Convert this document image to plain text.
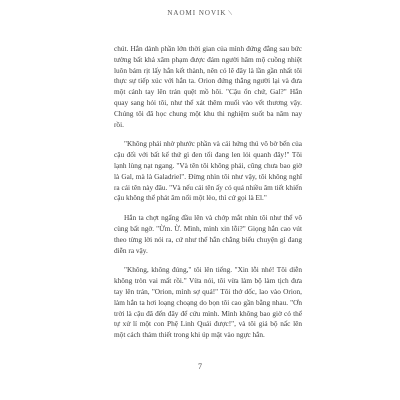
NAOMI NOVIK \

chút. Hắn dành phần lớn thời gian của mình đứng đằng sau bức tường bất khả xâm phạm được đám người hâm mộ cuồng nhiệt luôn bám rịt lấy hắn kết thành, nên có lẽ đây là lần gần nhất tôi thực sự tiếp xúc với hắn ta. Orion đứng thẳng người lại và đưa một cánh tay lên trán quệt mồ hôi. "Cậu ổn chứ, Gal?" Hắn quay sang hỏi tôi, như thể xát thêm muối vào vết thương vậy. Chúng tôi đã học chung một khu thi nghiệm suốt ba năm nay rồi.

"Không phải nhờ phước phần và cái hứng thú vô bờ bến của cậu đối với bất kể thứ gì đen tối đang len lỏi quanh đây!" Tôi lạnh lùng nạt ngang. "Và tên tôi không phải, cũng chưa bao giờ là Gal, mà là Galadriel". Đừng nhìn tôi như vậy, tôi không nghĩ ra cái tên này đâu. "Và nếu cái tên ấy có quá nhiều âm tiết khiến cậu không thể phát âm nổi một lèo, thì cứ gọi là El."

Hắn ta chợt ngẩng đầu lên và chớp mắt nhìn tôi như thể vô cùng bất ngờ. "Ừm. Ừ. Mình, mình xin lỗi?" Giọng hắn cao vút theo từng lời nói ra, cứ như thể hắn chẳng biểu chuyện gì đang diễn ra vậy.

"Không, không đúng," tôi lên tiếng. "Xin lỗi nhé! Tôi diễn không tròn vai mất rồi." Vừa nói, tôi vừa làm bộ làm tịch đưa tay lên trán, "Orion, mình sợ quá!" Tôi thở dốc, lao vào Orion, làm hắn ta hơi loạng choạng do bọn tôi cao gần bằng nhau. "Ơn trời là cậu đã đến đây để cứu mình. Mình không bao giờ có thể tự xử lí một con Phệ Linh Quái được!", và tôi giả bộ nấc lên một cách thảm thiết trong khi úp mặt vào ngực hắn.

7
